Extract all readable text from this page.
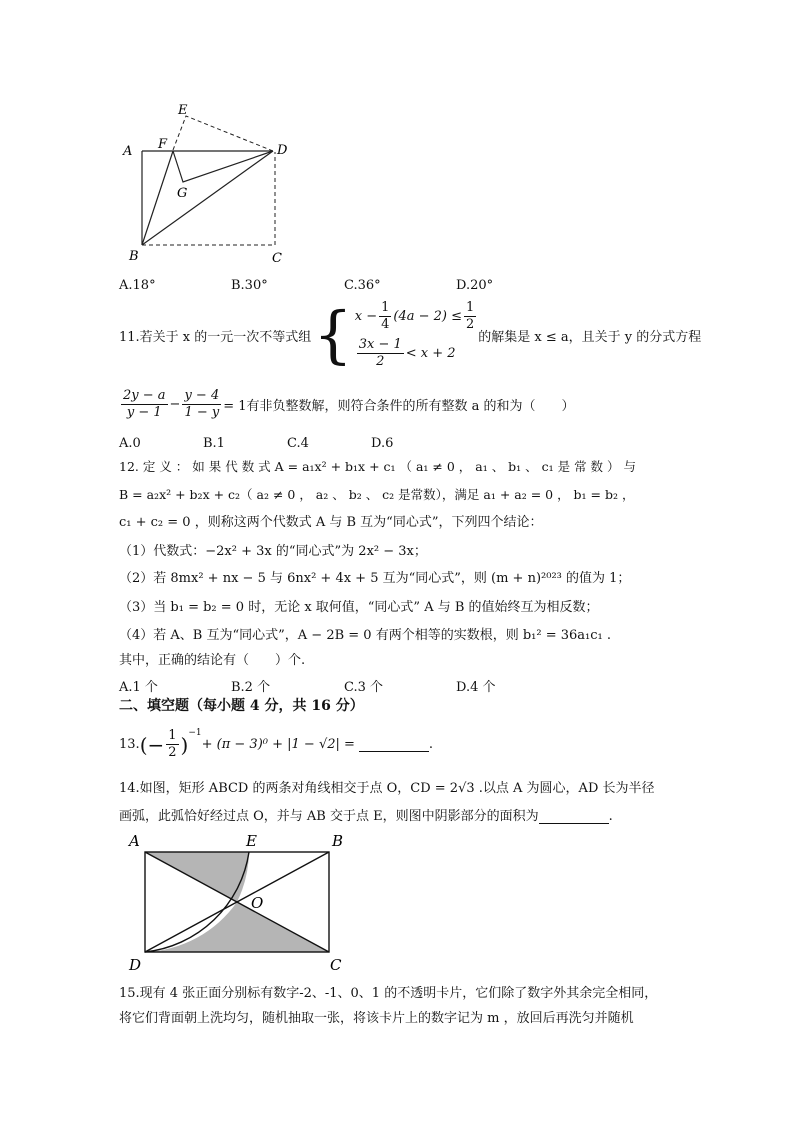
E
A F	D
G
B	C
A.18°	B.30°	C.36°	D.20°
11.若关于 x 的一元一次不等式组 { $x - \frac{1}{4} (4a - 2) \le \frac{1}{2}$
$\frac{3x - 1}{2} < x + 2$
的解集是 x ≤ a，且关于 y 的分式方程
$\frac{2y - a}{y - 1} - \frac{y - 4}{1 - y} = 1$有非负整数解，则符合条件的所有整数 a 的和为（　　）
A.0	B.1	C.4	D.6
12. 定 义 ： 如 果 代 数 式 A = a₁x² + b₁x + c₁ （ a₁ ≠ 0 ， a₁ 、 b₁ 、 c₁ 是 常 数 ） 与
B = a₂x² + b₂x + c₂（ a₂ ≠ 0 ， a₂ 、 b₂ 、 c₂ 是常数），满足 a₁ + a₂ = 0 ， b₁ = b₂ ，
c₁ + c₂ = 0 ，则称这两个代数式 A 与 B 互为“同心式”，下列四个结论：
（1）代数式：−2x² + 3x 的“同心式”为 2x² − 3x；
（2）若 8mx² + nx − 5 与 6nx² + 4x + 5 互为“同心式”，则 (m + n)²⁰²³ 的值为 1；
（3）当 b₁ = b₂ = 0 时，无论 x 取何值，“同心式” A 与 B 的值始终互为相反数；
（4）若 A、B 互为“同心式”，A − 2B = 0 有两个相等的实数根，则 b₁² = 36a₁c₁ .
其中，正确的结论有（　　）个.
A.1 个	B.2 个	C.3 个	D.4 个
二、填空题（每小题 4 分，共 16 分）
13. (− $\frac{1}{2}$ ) −1
+ (π − 3)⁰ + |1 − √2| =	.
14.如图，矩形 ABCD 的两条对角线相交于点 O，CD = 2√3 .以点 A 为圆心，AD 长为半径
画弧，此弧恰好经过点 O，并与 AB 交于点 E，则图中阴影部分的面积为	.
A	E	B
O
D	C
15.现有 4 张正面分别标有数字-2、-1、0、1 的不透明卡片，它们除了数字外其余完全相同，
将它们背面朝上洗均匀，随机抽取一张，将该卡片上的数字记为 m ，放回后再洗匀并随机
